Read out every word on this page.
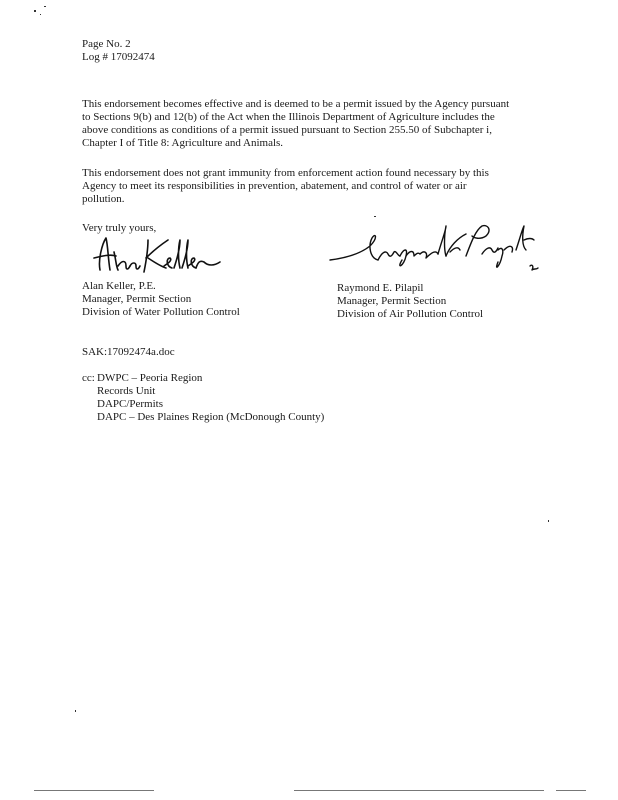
Page No. 2
Log # 17092474
This endorsement becomes effective and is deemed to be a permit issued by the Agency pursuant
to Sections 9(b) and 12(b) of the Act when the Illinois Department of Agriculture includes the
above conditions as conditions of a permit issued pursuant to Section 255.50 of Subchapter i,
Chapter I of Title 8: Agriculture and Animals.
This endorsement does not grant immunity from enforcement action found necessary by this
Agency to meet its responsibilities in prevention, abatement, and control of water or air
pollution.
Very truly yours,
Alan Keller, P.E.
Manager, Permit Section
Division of Water Pollution Control
Raymond E. Pilapil
Manager, Permit Section
Division of Air Pollution Control
SAK:17092474a.doc
cc: DWPC – Peoria Region
Records Unit
DAPC/Permits
DAPC – Des Plaines Region (McDonough County)
